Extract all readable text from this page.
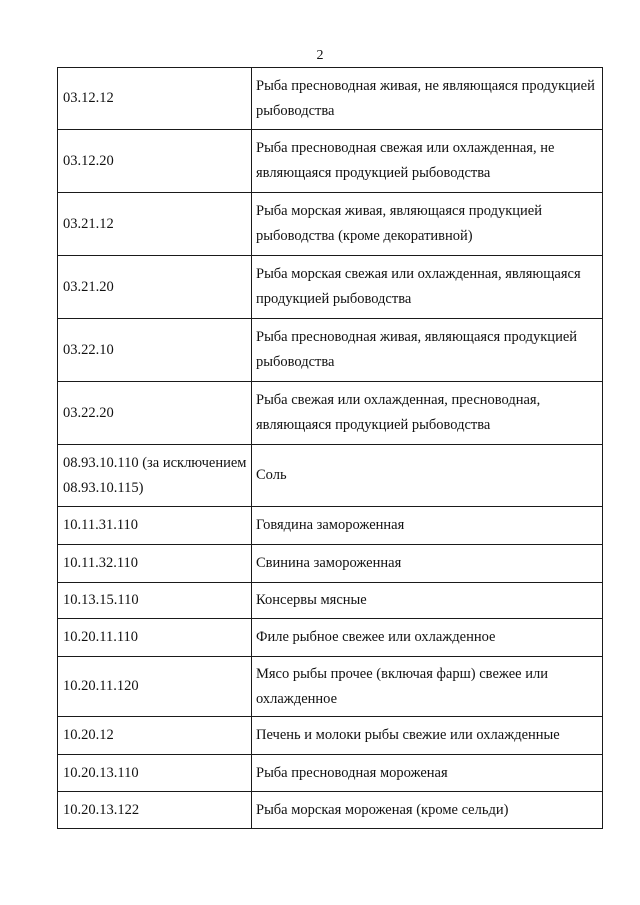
2
03.12.12	Рыба пресноводная живая, не являющаяся продукцией рыбоводства
03.12.20	Рыба пресноводная свежая или охлажденная, не являющаяся продукцией рыбоводства
03.21.12	Рыба морская живая, являющаяся продукцией рыбоводства (кроме декоративной)
03.21.20	Рыба морская свежая или охлажденная, являющаяся продукцией рыбоводства
03.22.10	Рыба пресноводная живая, являющаяся продукцией рыбоводства
03.22.20	Рыба свежая или охлажденная, пресноводная, являющаяся продукцией рыбоводства
08.93.10.110 (за исключением 08.93.10.115)	Соль
10.11.31.110	Говядина замороженная
10.11.32.110	Свинина замороженная
10.13.15.110	Консервы мясные
10.20.11.110	Филе рыбное свежее или охлажденное
10.20.11.120	Мясо рыбы прочее (включая фарш) свежее или охлажденное
10.20.12	Печень и молоки рыбы свежие или охлажденные
10.20.13.110	Рыба пресноводная мороженая
10.20.13.122	Рыба морская мороженая (кроме сельди)
